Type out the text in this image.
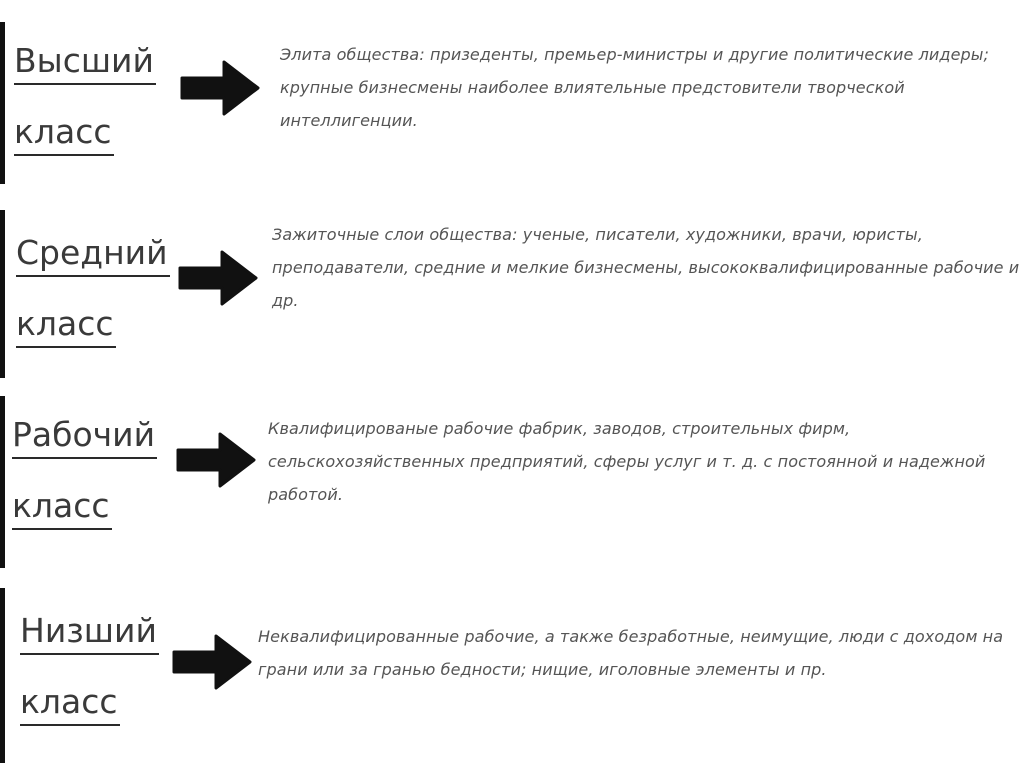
Высший
класс
Элита общества: призеденты, премьер-министры и другие политические лидеры; крупные бизнесмены наиболее влиятельные предстовители творческой интеллигенции.
Средний
класс
Зажиточные слои общества: ученые, писатели, художники, врачи, юристы, преподаватели, средние и мелкие бизнесмены, высококвалифицированные рабочие и др.
Рабочий
класс
Квалифицированые рабочие фабрик, заводов, строительных фирм, сельскохозяйственных предприятий, сферы услуг и т. д. с постоянной и надежной работой.
Низший
класс
Неквалифицированные рабочие, а также безработные, неимущие, люди с доходом на грани или за гранью бедности; нищие, иголовные элементы и пр.
